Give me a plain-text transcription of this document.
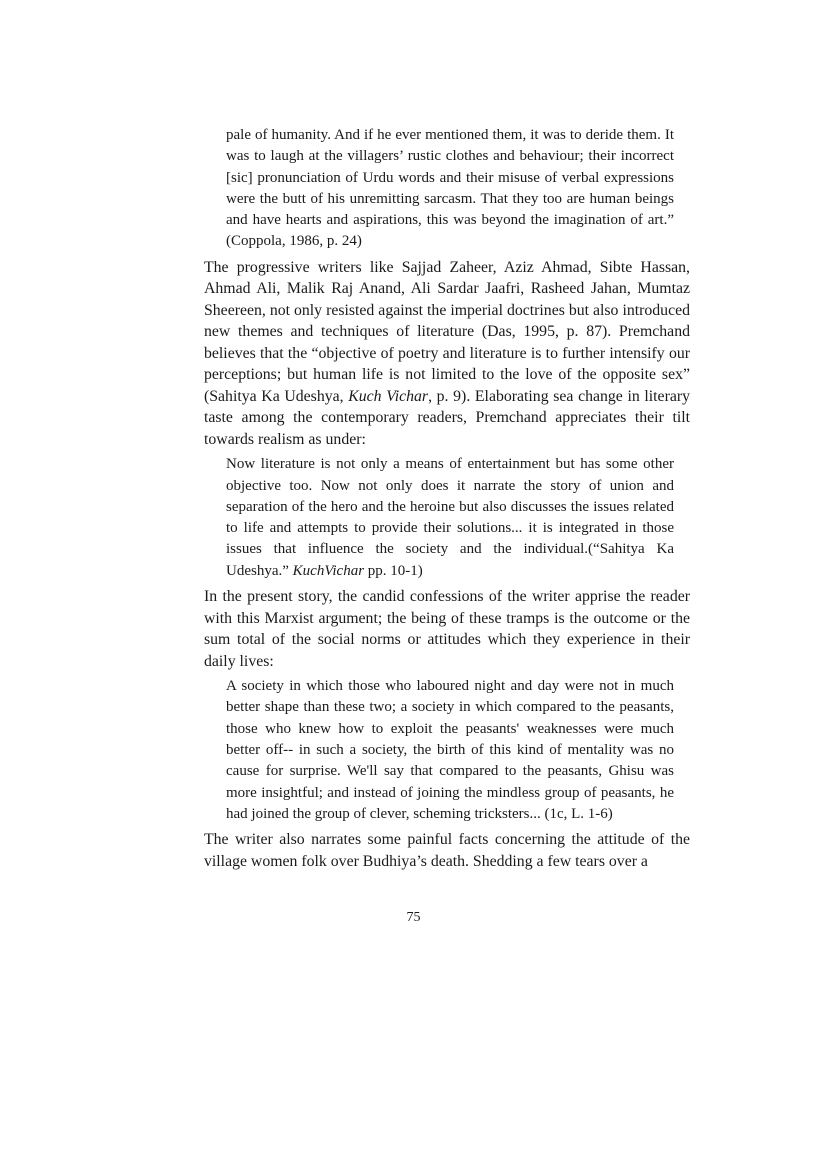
pale of humanity. And if he ever mentioned them, it was to deride them. It was to laugh at the villagers’ rustic clothes and behaviour; their incorrect [sic] pronunciation of Urdu words and their misuse of verbal expressions were the butt of his unremitting sarcasm. That they too are human beings and have hearts and aspirations, this was beyond the imagination of art.” (Coppola, 1986, p. 24)

The progressive writers like Sajjad Zaheer, Aziz Ahmad, Sibte Hassan, Ahmad Ali, Malik Raj Anand, Ali Sardar Jaafri, Rasheed Jahan, Mumtaz Sheereen, not only resisted against the imperial doctrines but also introduced new themes and techniques of literature (Das, 1995, p. 87). Premchand believes that the “objective of poetry and literature is to further intensify our perceptions; but human life is not limited to the love of the opposite sex” (Sahitya Ka Udeshya, Kuch Vichar, p. 9). Elaborating sea change in literary taste among the contemporary readers, Premchand appreciates their tilt towards realism as under:

Now literature is not only a means of entertainment but has some other objective too. Now not only does it narrate the story of union and separation of the hero and the heroine but also discusses the issues related to life and attempts to provide their solutions... it is integrated in those issues that influence the society and the individual.(“Sahitya Ka Udeshya.” KuchVichar pp. 10-1)

In the present story, the candid confessions of the writer apprise the reader with this Marxist argument; the being of these tramps is the outcome or the sum total of the social norms or attitudes which they experience in their daily lives:

A society in which those who laboured night and day were not in much better shape than these two; a society in which compared to the peasants, those who knew how to exploit the peasants' weaknesses were much better off-- in such a society, the birth of this kind of mentality was no cause for surprise. We'll say that compared to the peasants, Ghisu was more insightful; and instead of joining the mindless group of peasants, he had joined the group of clever, scheming tricksters... (1c, L. 1-6)

The writer also narrates some painful facts concerning the attitude of the village women folk over Budhiya’s death. Shedding a few tears over a

75
